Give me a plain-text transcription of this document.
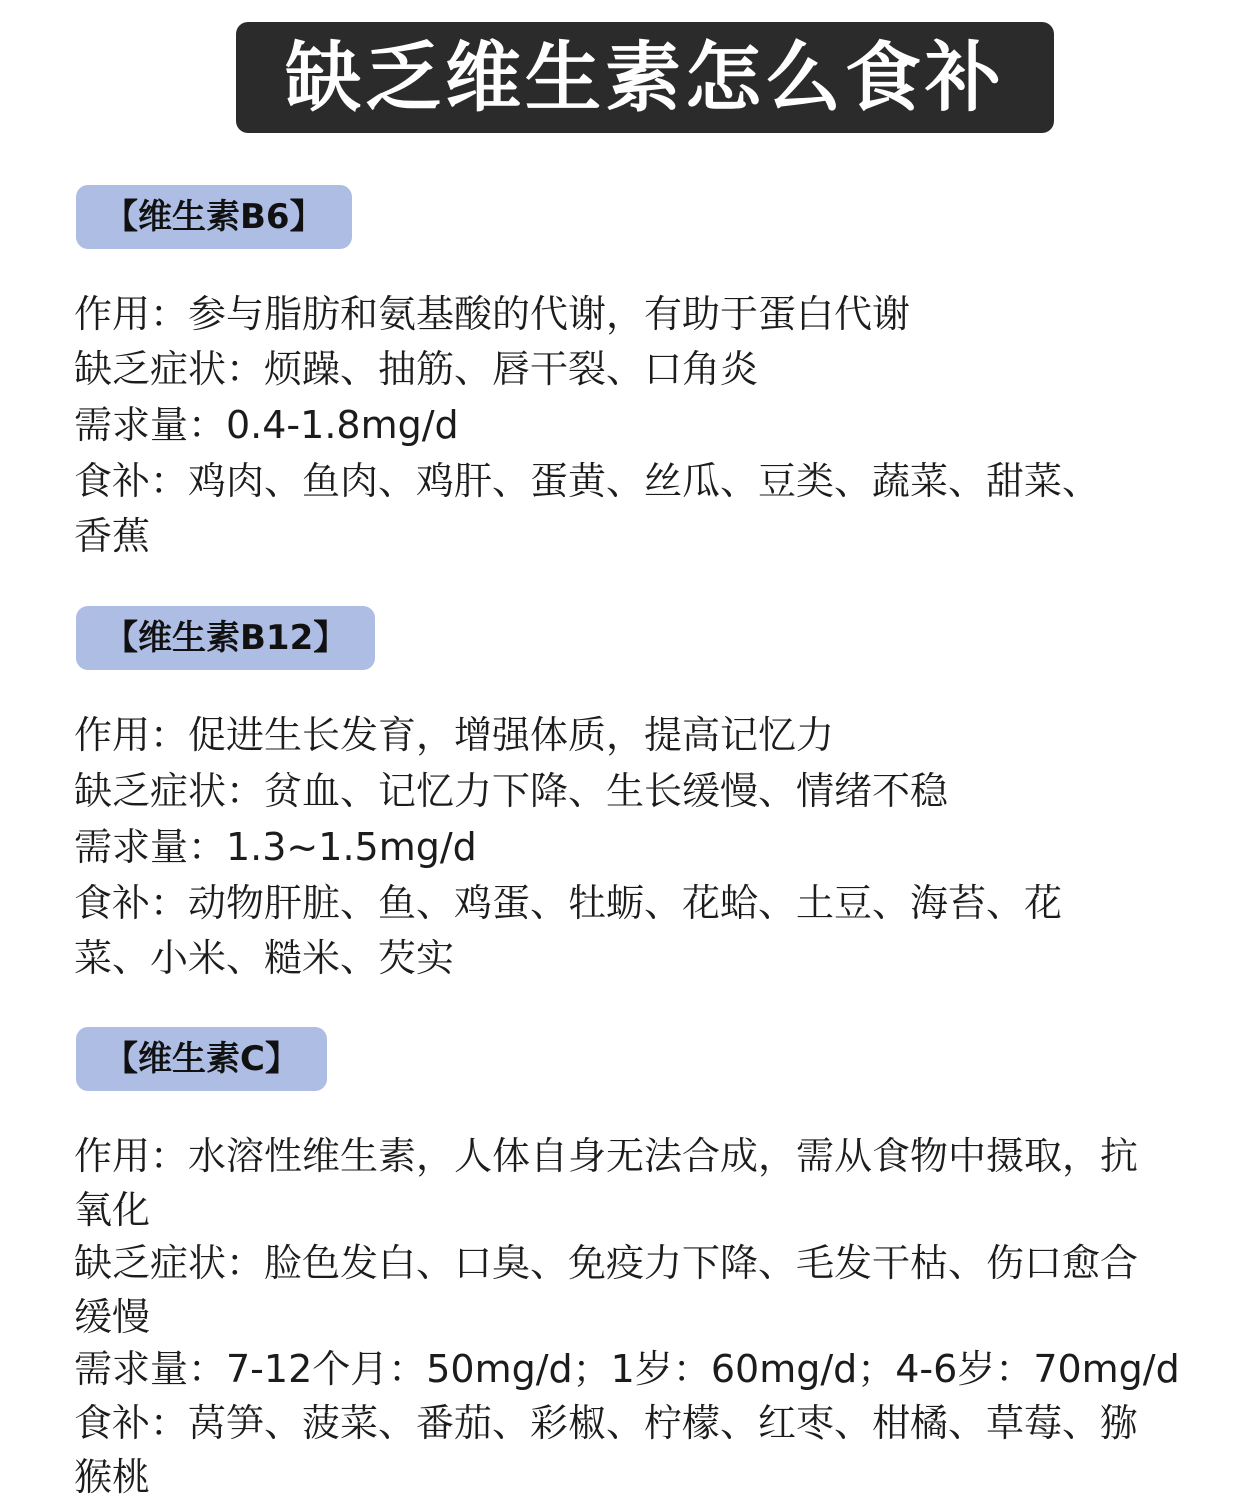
缺乏维生素怎么食补
【维生素B6】
作用：参与脂肪和氨基酸的代谢，有助于蛋白代谢
缺乏症状：烦躁、抽筋、唇干裂、口角炎
需求量：0.4-1.8mg/d
食补：鸡肉、鱼肉、鸡肝、蛋黄、丝瓜、豆类、蔬菜、甜菜、
香蕉
【维生素B12】
作用：促进生长发育，增强体质，提高记忆力
缺乏症状：贫血、记忆力下降、生长缓慢、情绪不稳
需求量：1.3~1.5mg/d
食补：动物肝脏、鱼、鸡蛋、牡蛎、花蛤、土豆、海苔、花
菜、小米、糙米、芡实
【维生素C】
作用：水溶性维生素，人体自身无法合成，需从食物中摄取，抗
氧化
缺乏症状：脸色发白、口臭、免疫力下降、毛发干枯、伤口愈合
缓慢
需求量：7-12个月：50mg/d；1岁：60mg/d；4-6岁：70mg/d
食补：莴笋、菠菜、番茄、彩椒、柠檬、红枣、柑橘、草莓、猕
猴桃
